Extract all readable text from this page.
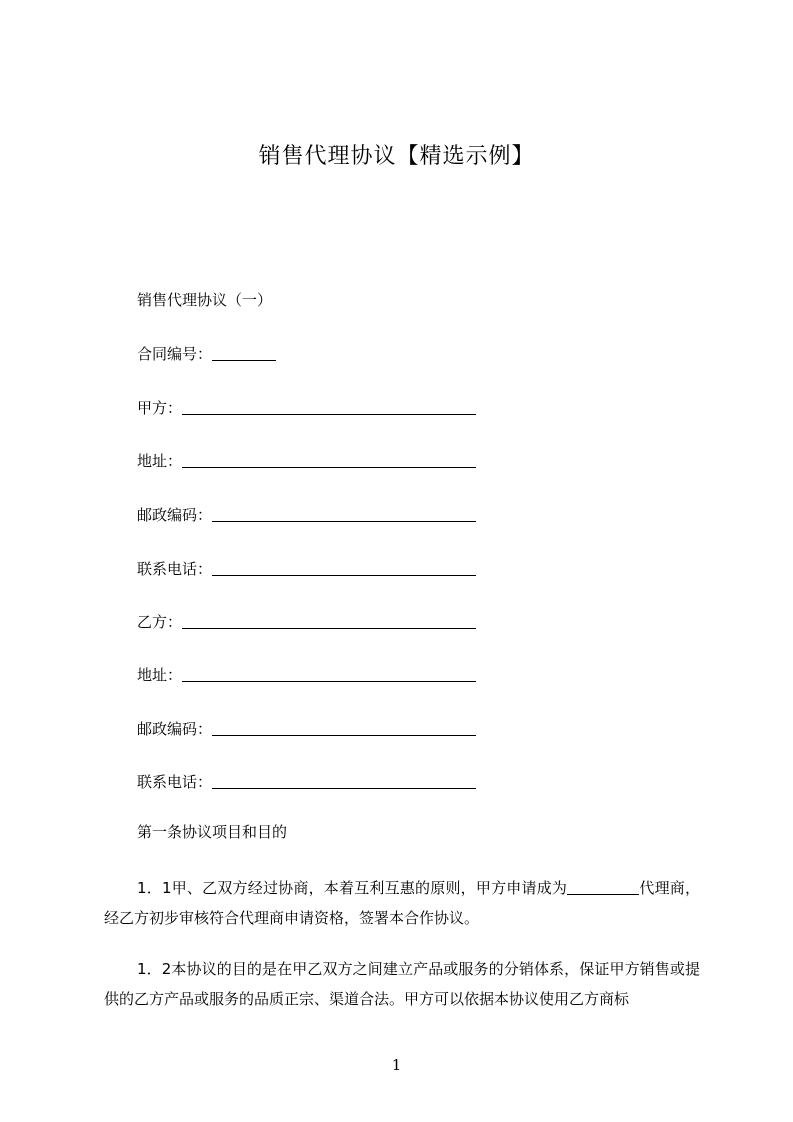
销售代理协议【精选示例】
销售代理协议（一）
合同编号：
甲方：
地址：
邮政编码：
联系电话：
乙方：
地址：
邮政编码：
联系电话：
第一条协议项目和目的
1．1甲、乙双方经过协商，本着互利互惠的原则，甲方申请成为	代理商，经乙方初步审核符合代理商申请资格，签署本合作协议。
1．2本协议的目的是在甲乙双方之间建立产品或服务的分销体系，保证甲方销售或提供的乙方产品或服务的品质正宗、渠道合法。甲方可以依据本协议使用乙方商标
1
